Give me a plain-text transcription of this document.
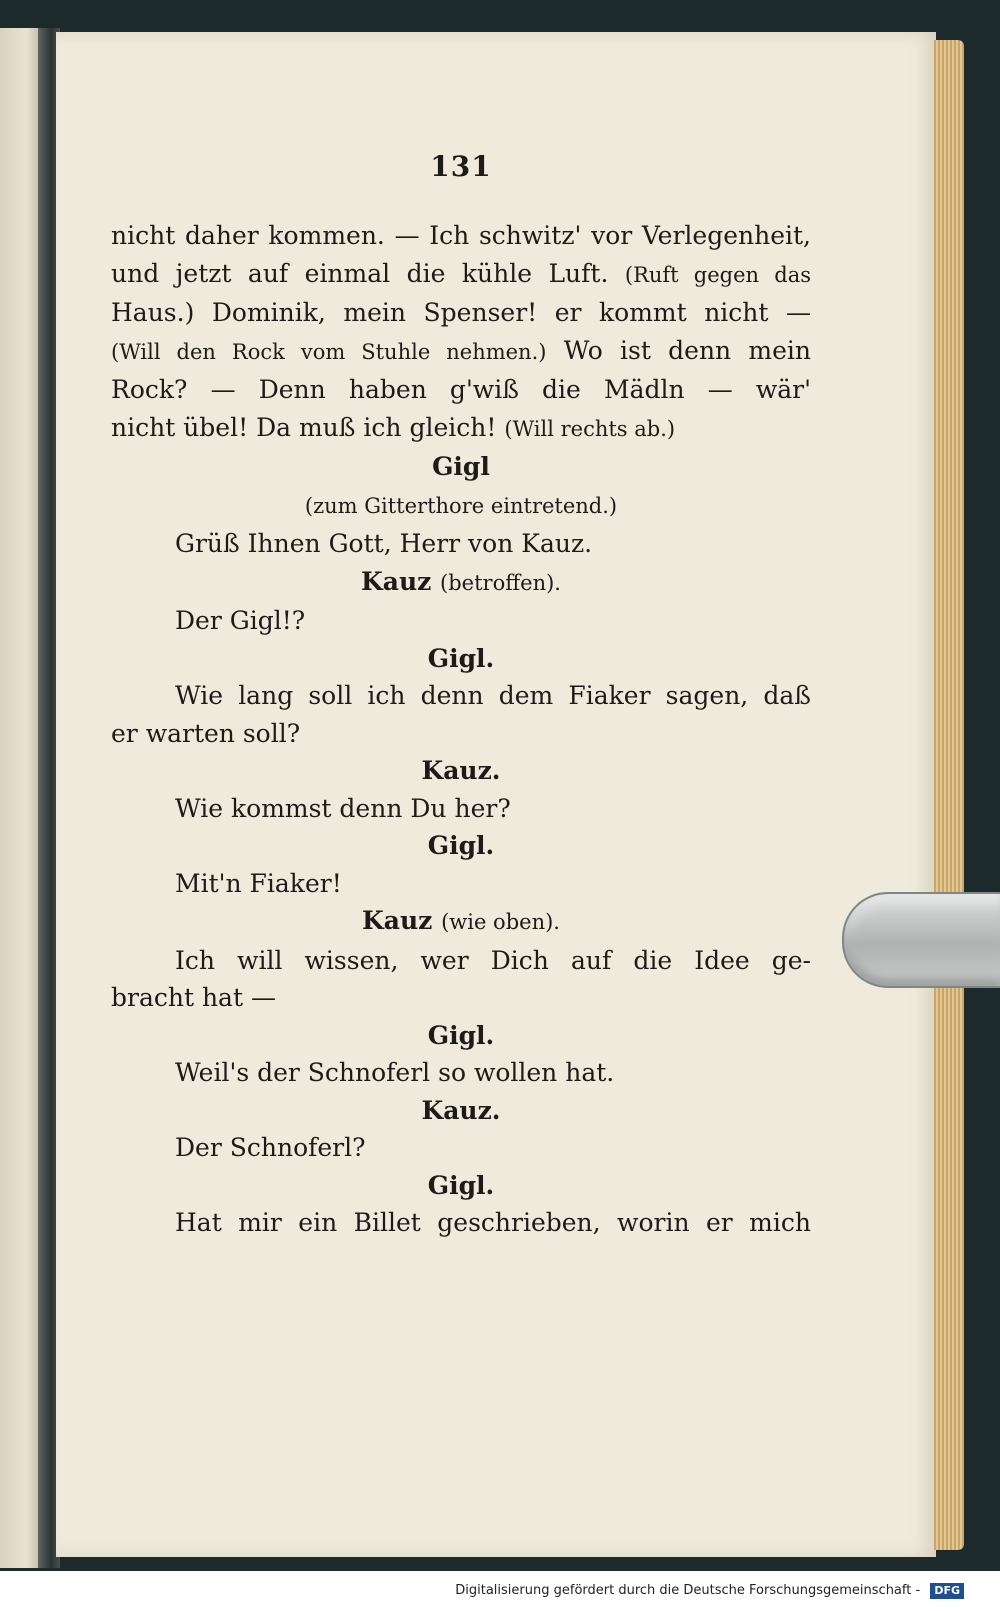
131

nicht daher kommen. — Ich schwitz' vor Verlegenheit,

und jetzt auf einmal die kühle Luft. (Ruft gegen das

Haus.) Dominik, mein Spenser! er kommt nicht —

(Will den Rock vom Stuhle nehmen.) Wo ist denn mein

Rock? — Denn haben g'wiß die Mädln — wär'

nicht übel! Da muß ich gleich! (Will rechts ab.)

Gigl

(zum Gitterthore eintretend.)

Grüß Ihnen Gott, Herr von Kauz.

Kauz (betroffen).

Der Gigl!?

Gigl.

Wie lang soll ich denn dem Fiaker sagen, daß

er warten soll?

Kauz.

Wie kommst denn Du her?

Gigl.

Mit'n Fiaker!

Kauz (wie oben).

Ich will wissen, wer Dich auf die Idee ge-

bracht hat —

Gigl.

Weil's der Schnoferl so wollen hat.

Kauz.

Der Schnoferl?

Gigl.

Hat mir ein Billet geschrieben, worin er mich

Digitalisierung gefördert durch die Deutsche Forschungsgemeinschaft - DFG
